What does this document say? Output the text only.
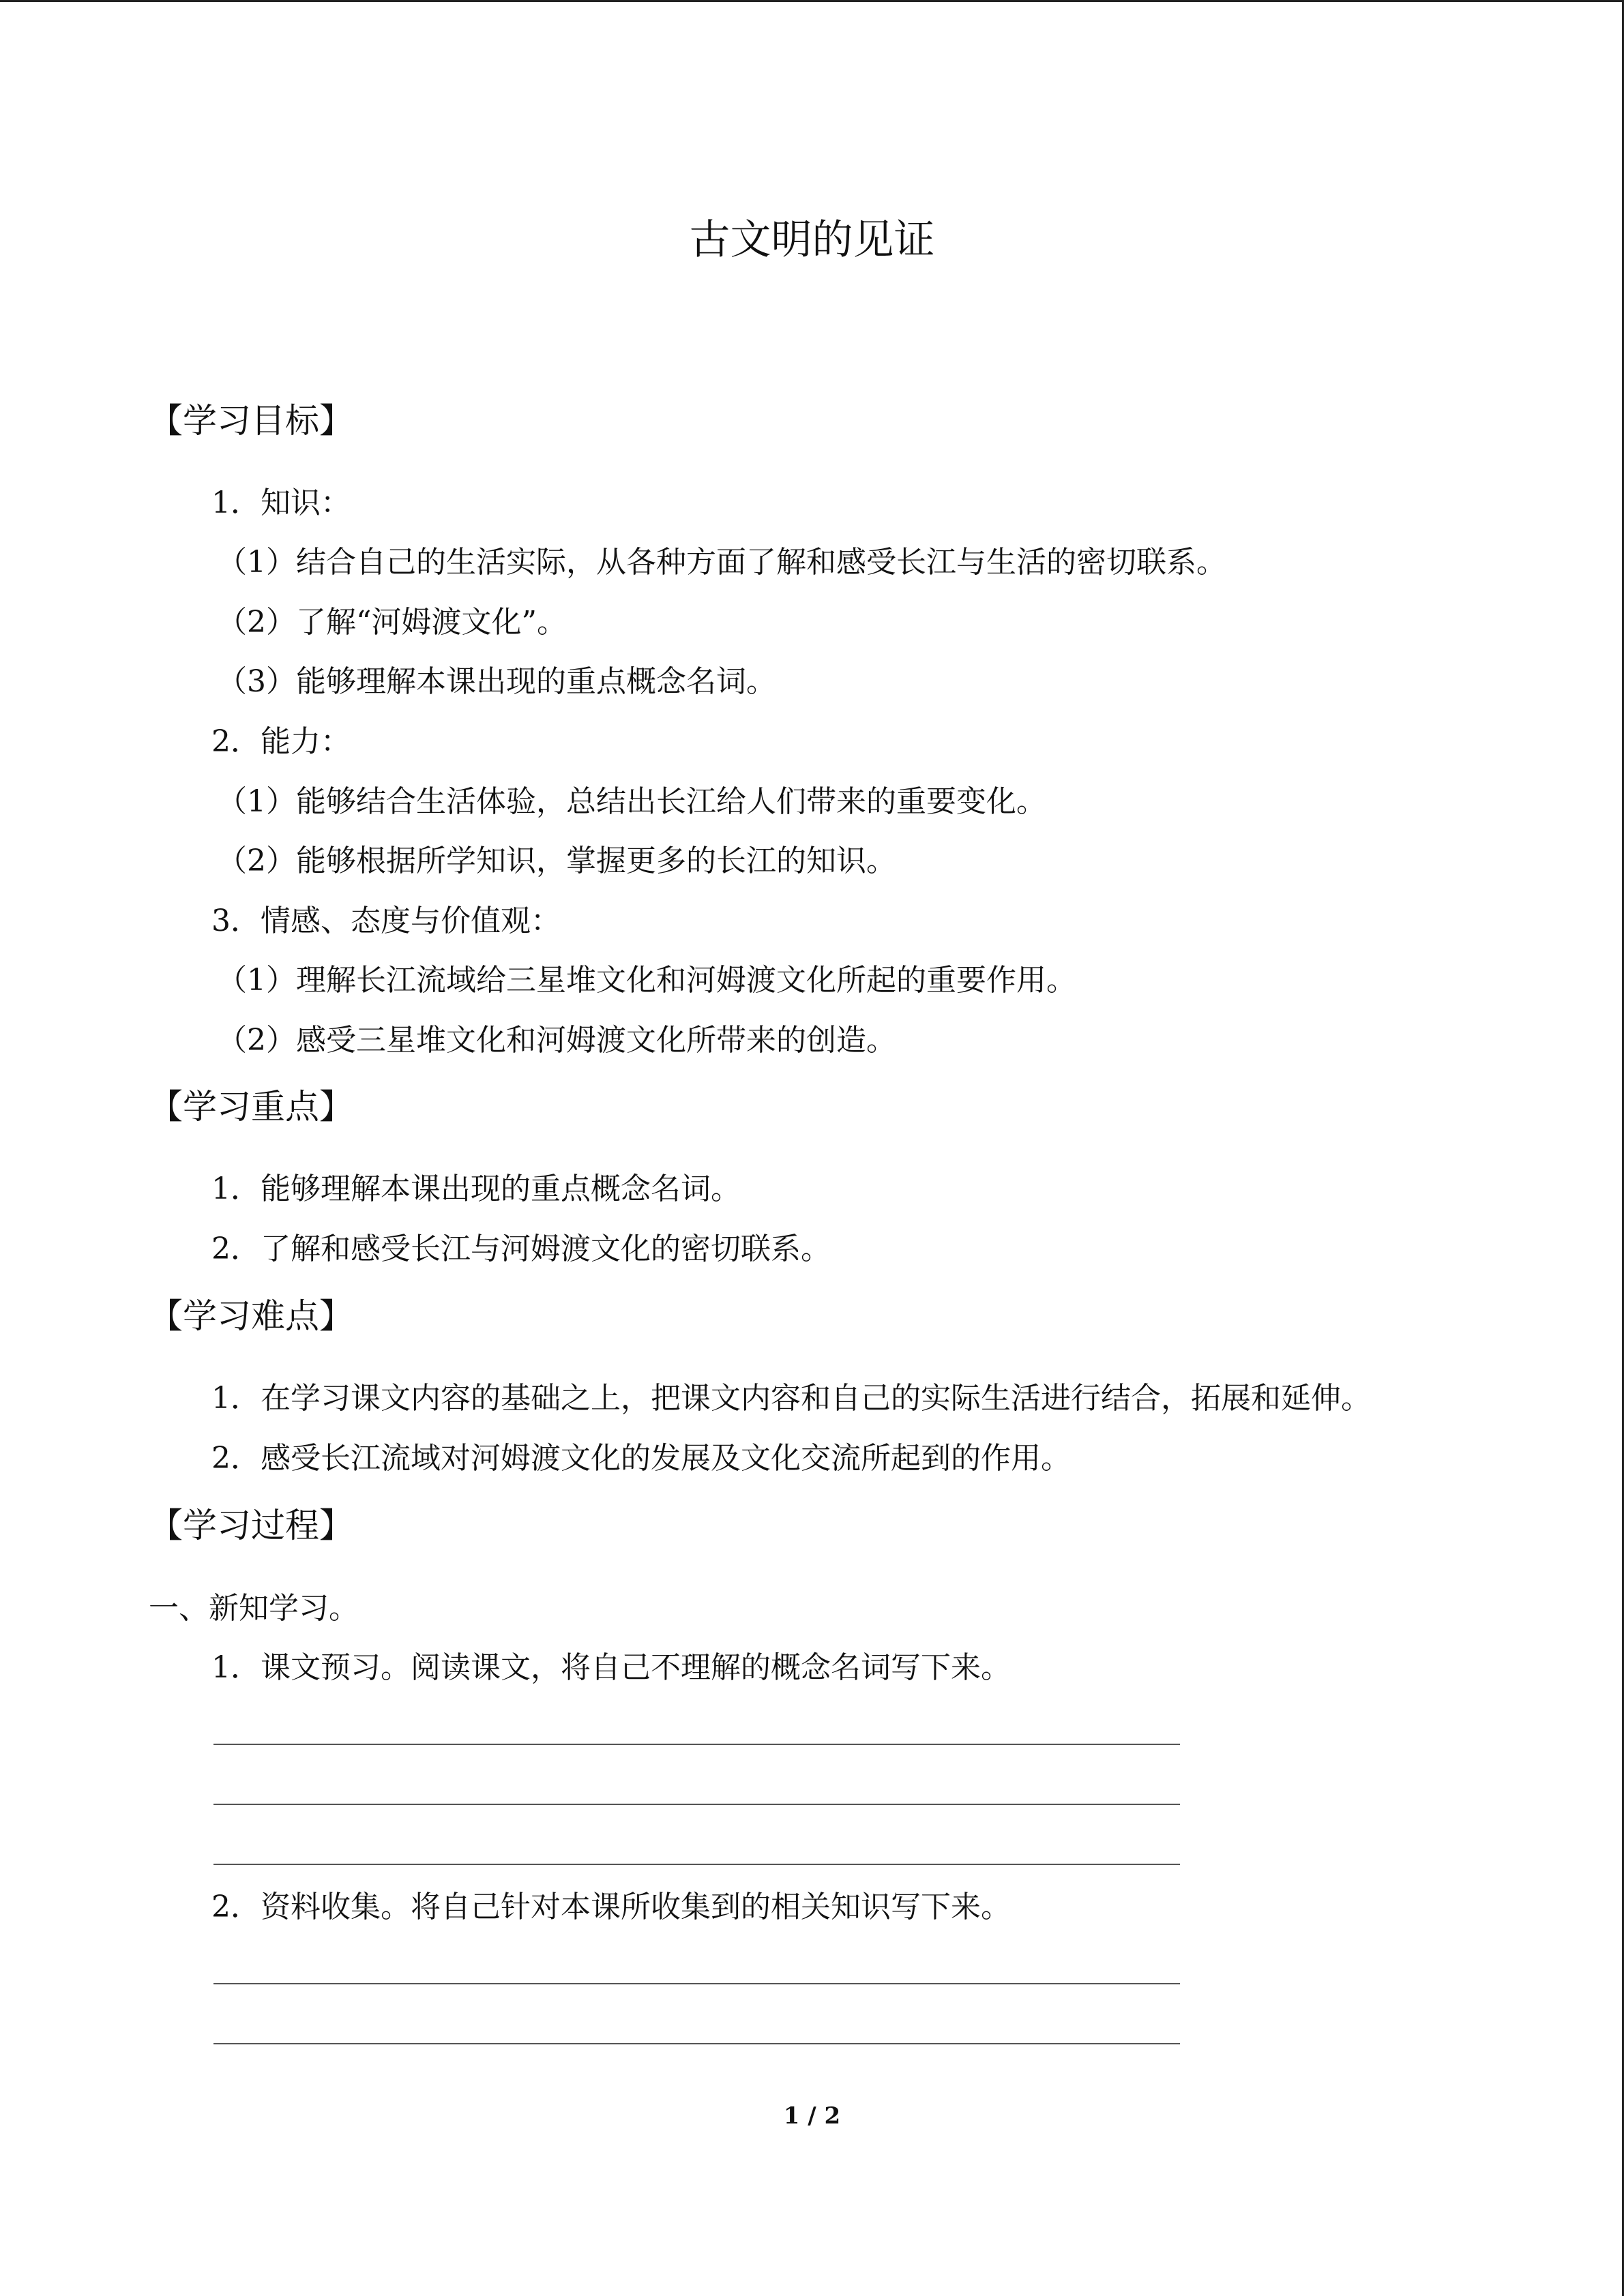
古文明的见证
【学习目标】
1．知识：
（1）结合自己的生活实际，从各种方面了解和感受长江与生活的密切联系。
（2）了解“河姆渡文化”。
（3）能够理解本课出现的重点概念名词。
2．能力：
（1）能够结合生活体验，总结出长江给人们带来的重要变化。
（2）能够根据所学知识，掌握更多的长江的知识。
3．情感、态度与价值观：
（1）理解长江流域给三星堆文化和河姆渡文化所起的重要作用。
（2）感受三星堆文化和河姆渡文化所带来的创造。
【学习重点】
1．能够理解本课出现的重点概念名词。
2．了解和感受长江与河姆渡文化的密切联系。
【学习难点】
1．在学习课文内容的基础之上，把课文内容和自己的实际生活进行结合，拓展和延伸。
2．感受长江流域对河姆渡文化的发展及文化交流所起到的作用。
【学习过程】
一、新知学习。
1．课文预习。阅读课文，将自己不理解的概念名词写下来。
2．资料收集。将自己针对本课所收集到的相关知识写下来。
1 / 2
